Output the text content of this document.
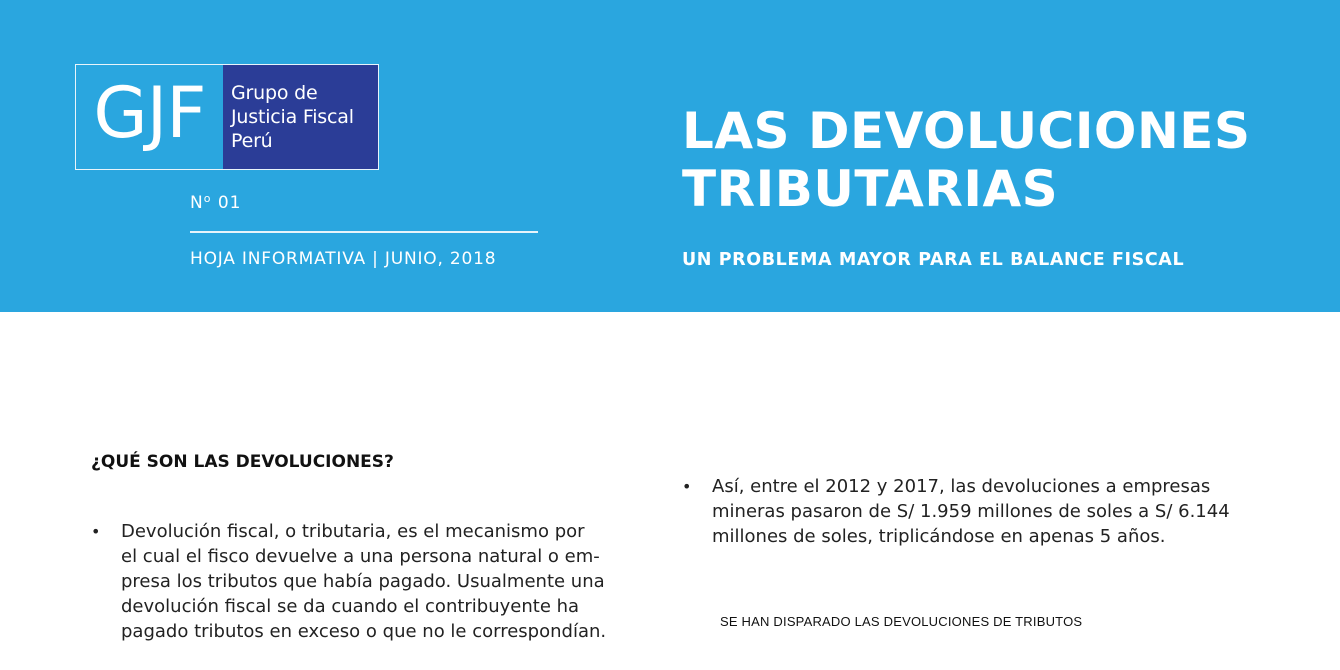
GJF	Grupo de
Justicia Fiscal
Perú
$N^o$ 01
HOJA INFORMATIVA | JUNIO, 2018
LAS DEVOLUCIONES
TRIBUTARIAS
UN PROBLEMA MAYOR PARA EL BALANCE FISCAL
¿QUÉ SON LAS DEVOLUCIONES?
•	Devolución fiscal, o tributaria, es el mecanismo por
el cual el fisco devuelve a una persona natural o em-
presa los tributos que había pagado. Usualmente una
devolución fiscal se da cuando el contribuyente ha
pagado tributos en exceso o que no le correspondían.
•	Así, entre el 2012 y 2017, las devoluciones a empresas
mineras pasaron de S/ 1.959 millones de soles a S/ 6.144
millones de soles, triplicándose en apenas 5 años.
SE HAN DISPARADO LAS DEVOLUCIONES DE TRIBUTOS
